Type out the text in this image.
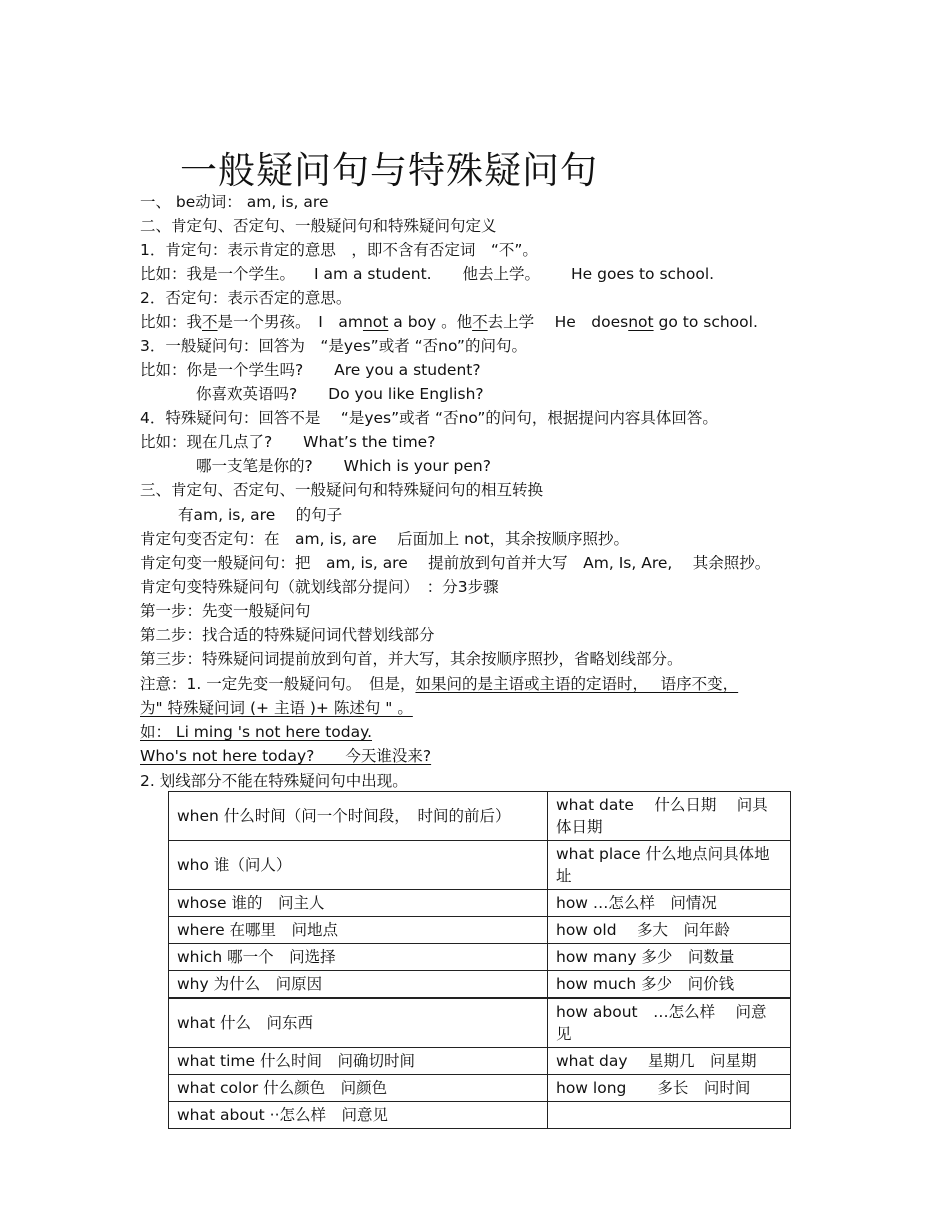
一般疑问句与特殊疑问句
一、 be动词： am, is, are
二、肯定句、否定句、一般疑问句和特殊疑问句定义
1．肯定句：表示肯定的意思　，即不含有否定词　“不”。
比如：我是一个学生。 I am a student. 他去上学。 He goes to school.
2．否定句：表示否定的意思。
比如：我不是一个男孩。　I　amnot a boy 。他不去上学　 He　doesnot go to school.
3．一般疑问句：回答为　“是yes”或者 “否no”的问句。
比如：你是一个学生吗? Are you a student?
你喜欢英语吗? Do you like English?
4．特殊疑问句：回答不是　 “是yes”或者 “否no”的问句，根据提问内容具体回答。
比如：现在几点了? What’s the time?
哪一支笔是你的? Which is your pen?
三、肯定句、否定句、一般疑问句和特殊疑问句的相互转换
有am, is, are　 的句子
肯定句变否定句：在　am, is, are　 后面加上 not，其余按顺序照抄。
肯定句变一般疑问句：把　am, is, are　 提前放到句首并大写　Am, Is, Are,　 其余照抄。
肯定句变特殊疑问句（就划线部分提问）　：分3步骤
第一步：先变一般疑问句
第二步：找合适的特殊疑问词代替划线部分
第三步：特殊疑问词提前放到句首，并大写，其余按顺序照抄，省略划线部分。
注意：1. 一定先变一般疑问句。　但是，如果问的是主语或主语的定语时，　 语序不变，
为" 特殊疑问词 (+ 主语 )+ 陈述句 " 。
如： Li ming 's not here today.
Who's not here today?　　今天谁没来?
2. 划线部分不能在特殊疑问句中出现。
when 什么时间（问一个时间段，　时间的前后）	what date　 什么日期　 问具体日期
who 谁（问人）	what place 什么地点问具体地址
whose 谁的　问主人	how …怎么样　问情况
where 在哪里　问地点	how old　 多大　问年龄
which 哪一个　问选择	how many 多少　问数量
why 为什么　问原因	how much 多少　问价钱
what 什么　问东西	how about　…怎么样　 问意见
what time 什么时间　问确切时间	what day　 星期几　问星期
what color 什么颜色　问颜色	how long　　多长　问时间
what about ··怎么样　问意见	
